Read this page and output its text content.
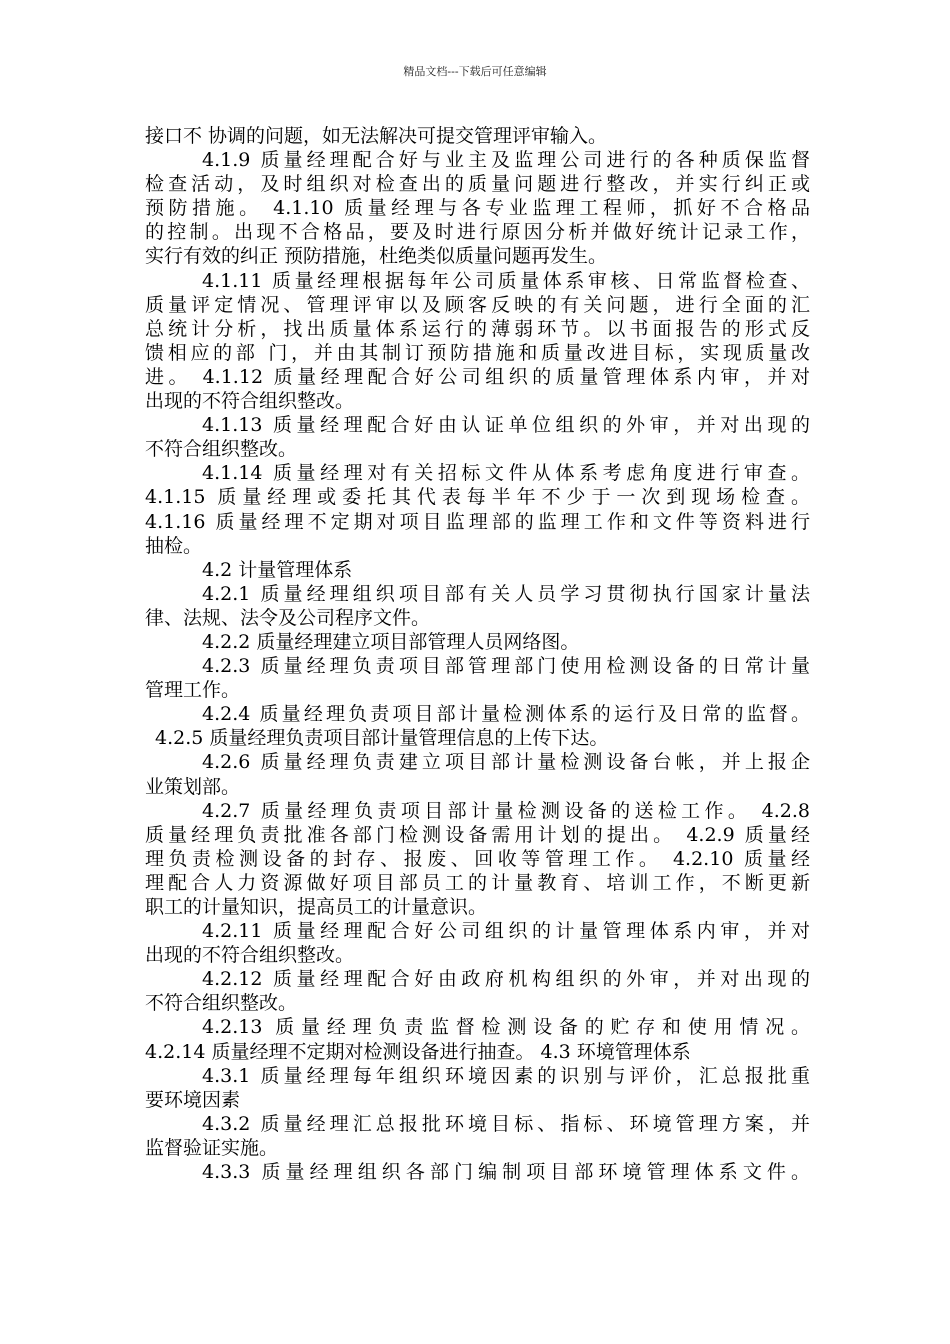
精品文档---下载后可任意编辑
接口不 协调的问题，如无法解决可提交管理评审输入。
4.1.9 质量经理配合好与业主及监理公司进行的各种质保监督
检查活动，及时组织对检查出的质量问题进行整改，并实行纠正或
预防措施。 4.1.10 质量经理与各专业监理工程师，抓好不合格品
的控制。出现不合格品，要及时进行原因分析并做好统计记录工作，
实行有效的纠正 预防措施，杜绝类似质量问题再发生。
4.1.11 质量经理根据每年公司质量体系审核、日常监督检查、
质量评定情况、管理评审以及顾客反映的有关问题，进行全面的汇
总统计分析，找出质量体系运行的薄弱环节。以书面报告的形式反
馈相应的部 门，并由其制订预防措施和质量改进目标，实现质量改
进。 4.1.12 质量经理配合好公司组织的质量管理体系内审，并对
出现的不符合组织整改。
4.1.13 质量经理配合好由认证单位组织的外审，并对出现的
不符合组织整改。
4.1.14 质量经理对有关招标文件从体系考虑角度进行审查。
4.1.15 质量经理或委托其代表每半年不少于一次到现场检查。
4.1.16 质量经理不定期对项目监理部的监理工作和文件等资料进行
抽检。
4.2 计量管理体系
4.2.1 质量经理组织项目部有关人员学习贯彻执行国家计量法
律、法规、法令及公司程序文件。
4.2.2 质量经理建立项目部管理人员网络图。
4.2.3 质量经理负责项目部管理部门使用检测设备的日常计量
管理工作。
4.2.4 质量经理负责项目部计量检测体系的运行及日常的监督。
4.2.5 质量经理负责项目部计量管理信息的上传下达。
4.2.6 质量经理负责建立项目部计量检测设备台帐，并上报企
业策划部。
4.2.7 质量经理负责项目部计量检测设备的送检工作。 4.2.8
质量经理负责批准各部门检测设备需用计划的提出。 4.2.9 质量经
理负责检测设备的封存、报废、回收等管理工作。 4.2.10 质量经
理配合人力资源做好项目部员工的计量教育、培训工作，不断更新
职工的计量知识，提高员工的计量意识。
4.2.11 质量经理配合好公司组织的计量管理体系内审，并对
出现的不符合组织整改。
4.2.12 质量经理配合好由政府机构组织的外审，并对出现的
不符合组织整改。
4.2.13 质量经理负责监督检测设备的贮存和使用情况。
4.2.14 质量经理不定期对检测设备进行抽查。 4.3 环境管理体系
4.3.1 质量经理每年组织环境因素的识别与评价，汇总报批重
要环境因素
4.3.2 质量经理汇总报批环境目标、指标、环境管理方案，并
监督验证实施。
4.3.3 质量经理组织各部门编制项目部环境管理体系文件。
